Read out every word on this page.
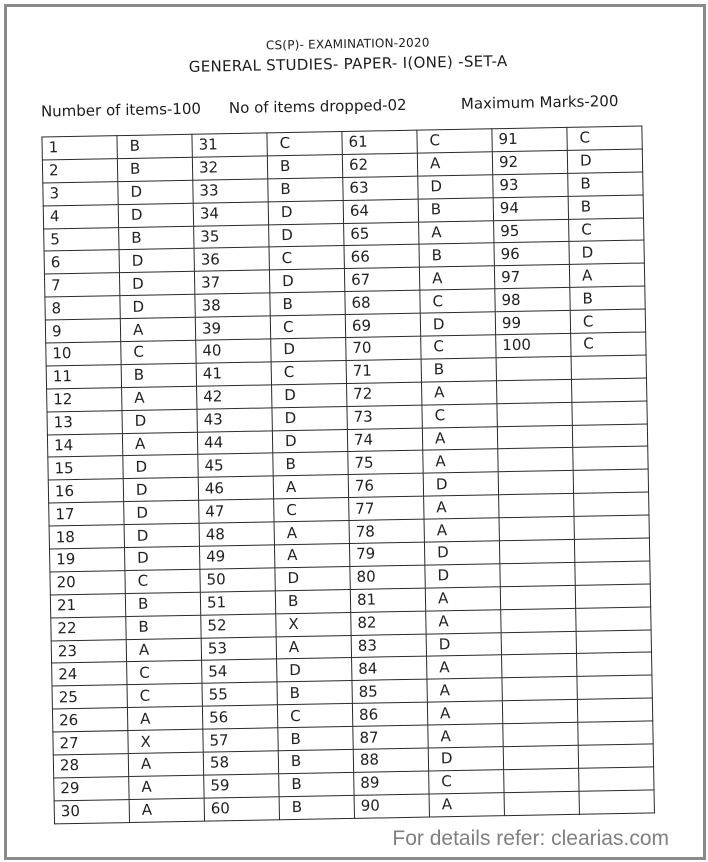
CS(P)- EXAMINATION-2020
GENERAL STUDIES- PAPER- I(ONE) -SET-A
Number of items-100 No of items dropped-02	Maximum Marks-200
1	B	31	C	61	C	91	C
2	B	32	B	62	A	92	D
3	D	33	B	63	D	93	B
4	D	34	D	64	B	94	B
5	B	35	D	65	A	95	C
6	D	36	C	66	B	96	D
7	D	37	D	67	A	97	A
8	D	38	B	68	C	98	B
9	A	39	C	69	D	99	C
10	C	40	D	70	C	100	C
11	B	41	C	71	B		
12	A	42	D	72	A		
13	D	43	D	73	C		
14	A	44	D	74	A		
15	D	45	B	75	A		
16	D	46	A	76	D		
17	D	47	C	77	A		
18	D	48	A	78	A		
19	D	49	A	79	D		
20	C	50	D	80	D		
21	B	51	B	81	A		
22	B	52	X	82	A		
23	A	53	A	83	D		
24	C	54	D	84	A		
25	C	55	B	85	A		
26	A	56	C	86	A		
27	X	57	B	87	A		
28	A	58	B	88	D		
29	A	59	B	89	C		
30	A	60	B	90	A		
For details refer: clearias.com
